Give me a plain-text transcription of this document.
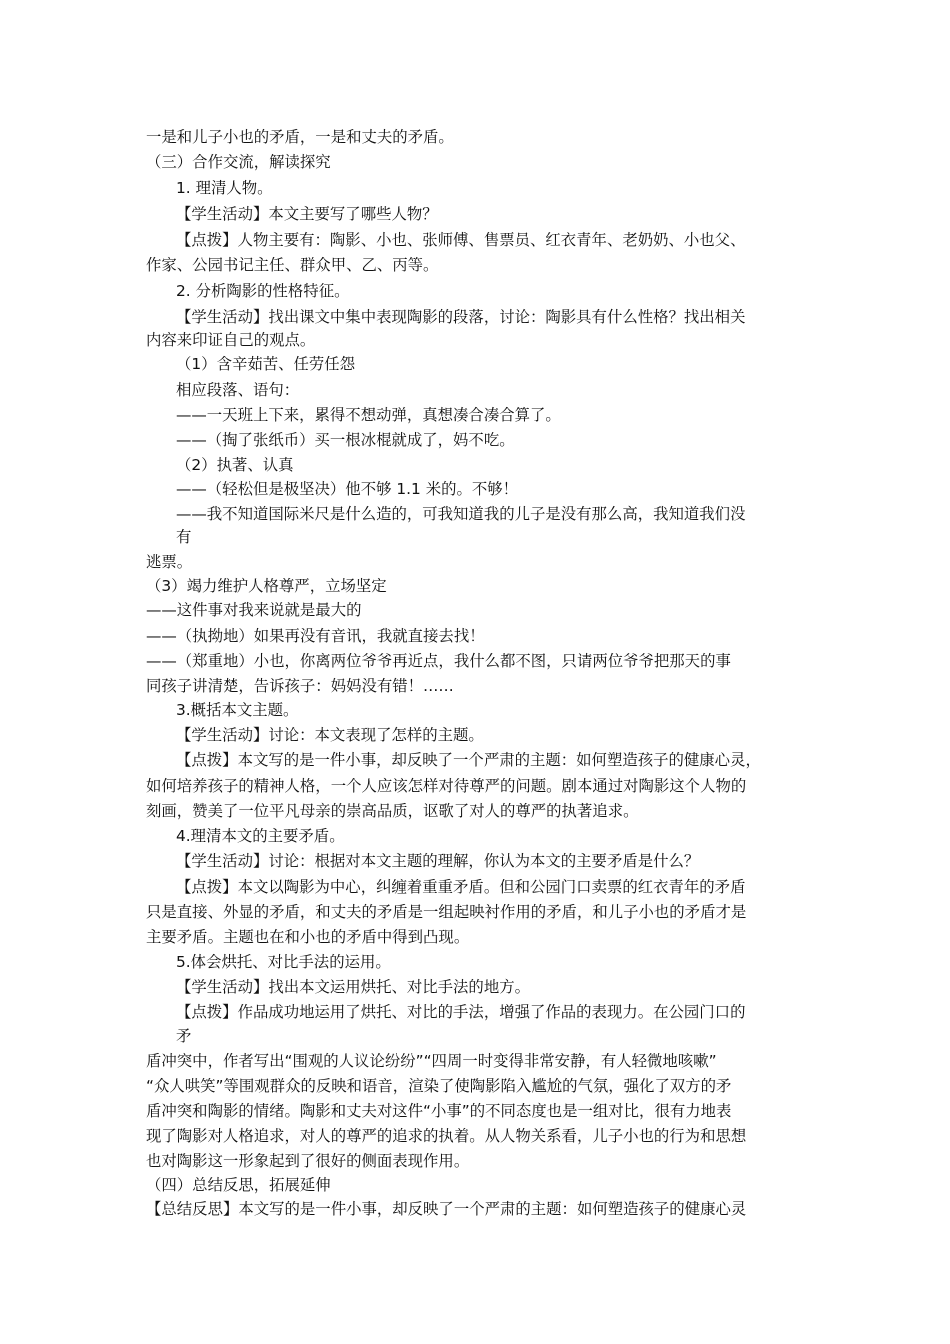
一是和儿子小也的矛盾，一是和丈夫的矛盾。
（三）合作交流，解读探究
1. 理清人物。
【学生活动】本文主要写了哪些人物？
【点拨】人物主要有：陶影、小也、张师傅、售票员、红衣青年、老奶奶、小也父、
作家、公园书记主任、群众甲、乙、丙等。
2. 分析陶影的性格特征。
【学生活动】找出课文中集中表现陶影的段落，讨论：陶影具有什么性格？找出相关
内容来印证自己的观点。
（1）含辛茹苦、任劳任怨
相应段落、语句：
——一天班上下来，累得不想动弹，真想凑合凑合算了。
——（掏了张纸币）买一根冰棍就成了，妈不吃。
（2）执著、认真
——（轻松但是极坚决）他不够 1.1 米的。不够！
——我不知道国际米尺是什么造的，可我知道我的儿子是没有那么高，我知道我们没
有
逃票。
（3）竭力维护人格尊严，立场坚定
——这件事对我来说就是最大的
——（执拗地）如果再没有音讯，我就直接去找！
——（郑重地）小也，你离两位爷爷再近点，我什么都不图，只请两位爷爷把那天的事
同孩子讲清楚，告诉孩子：妈妈没有错！……
3.概括本文主题。
【学生活动】讨论：本文表现了怎样的主题。
【点拨】本文写的是一件小事，却反映了一个严肃的主题：如何塑造孩子的健康心灵，
如何培养孩子的精神人格，一个人应该怎样对待尊严的问题。剧本通过对陶影这个人物的
刻画，赞美了一位平凡母亲的崇高品质，讴歌了对人的尊严的执著追求。
4.理清本文的主要矛盾。
【学生活动】讨论：根据对本文主题的理解，你认为本文的主要矛盾是什么？
【点拨】本文以陶影为中心，纠缠着重重矛盾。但和公园门口卖票的红衣青年的矛盾
只是直接、外显的矛盾，和丈夫的矛盾是一组起映衬作用的矛盾，和儿子小也的矛盾才是
主要矛盾。主题也在和小也的矛盾中得到凸现。
5.体会烘托、对比手法的运用。
【学生活动】找出本文运用烘托、对比手法的地方。
【点拨】作品成功地运用了烘托、对比的手法，增强了作品的表现力。在公园门口的
矛
盾冲突中，作者写出“围观的人议论纷纷”“四周一时变得非常安静，有人轻微地咳嗽”
“众人哄笑”等围观群众的反映和语音，渲染了使陶影陷入尴尬的气氛，强化了双方的矛
盾冲突和陶影的情绪。陶影和丈夫对这件“小事”的不同态度也是一组对比，很有力地表
现了陶影对人格追求，对人的尊严的追求的执着。从人物关系看，儿子小也的行为和思想
也对陶影这一形象起到了很好的侧面表现作用。
（四）总结反思，拓展延伸
【总结反思】本文写的是一件小事，却反映了一个严肃的主题：如何塑造孩子的健康心灵
